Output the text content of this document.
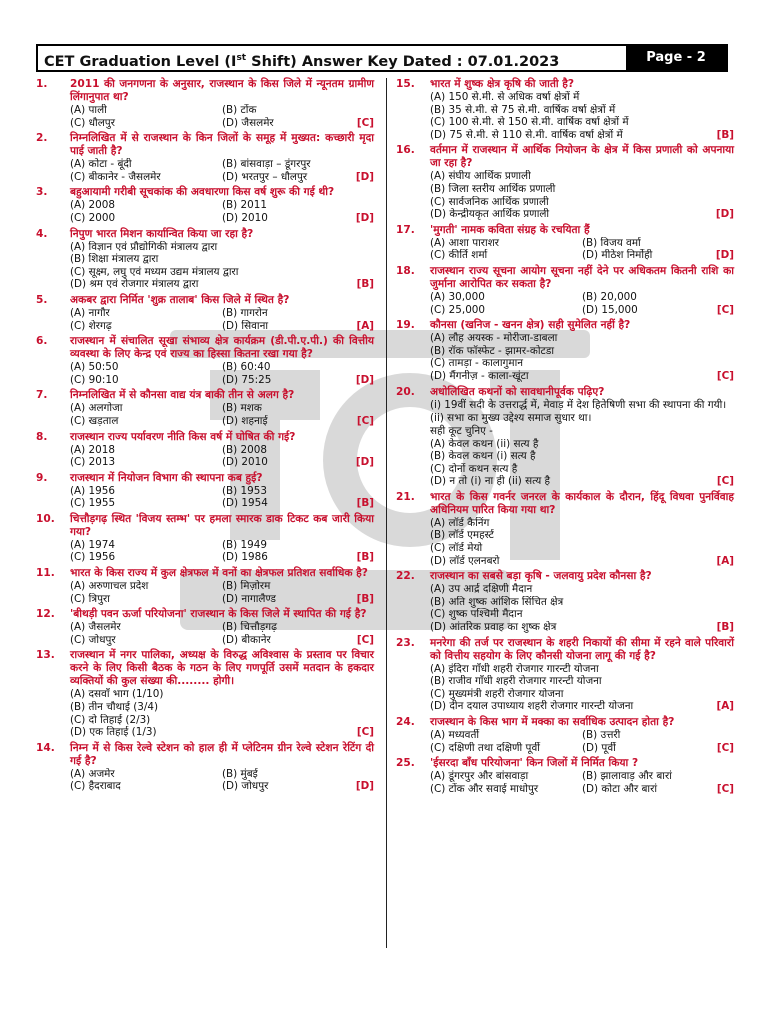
CET Graduation Level (Ist Shift) Answer Key Dated : 07.01.2023	Page - 2
1. 2011 की जनगणना के अनुसार, राजस्थान के किस जिले में न्यूनतम ग्रामीण लिंगानुपात था?
(A) पाली	(B) टोंक
(C) धौलपुर	(D) जैसलमेर	[C]
2. निम्नलिखित में से राजस्थान के किन जिलों के समूह में मुख्यत: कच्छारी मृदा पाई जाती है?
(A) कोटा - बूंदी	(B) बांसवाड़ा – डूंगरपुर
(C) बीकानेर - जैसलमेर	(D) भरतपुर – धौलपुर	[D]
3. बहुआयामी गरीबी सूचकांक की अवधारणा किस वर्ष शुरू की गई थी?
(A) 2008	(B) 2011
(C) 2000	(D) 2010	[D]
4. निपुण भारत मिशन कार्यान्वित किया जा रहा है?
(A) विज्ञान एवं प्रौद्योगिकी मंत्रालय द्वारा
(B) शिक्षा मंत्रालय द्वारा
(C) सूक्ष्म, लघु एवं मध्यम उद्यम मंत्रालय द्वारा
(D) श्रम एवं रोजगार मंत्रालय द्वारा	[B]
5. अकबर द्वारा निर्मित 'शुक्र तालाब' किस जिले में स्थित है?
(A) नागौर	(B) गागरोन
(C) शेरगढ़	(D) सिवाना	[A]
6. राजस्थान में संचालित सूखा संभाव्य क्षेत्र कार्यक्रम (डी.पी.ए.पी.) की वित्तीय व्यवस्था के लिए केन्द्र एवं राज्य का हिस्सा कितना रखा गया है?
(A) 50:50	(B) 60:40
(C) 90:10	(D) 75:25	[D]
7. निम्नलिखित में से कौनसा वाद्य यंत्र बाकी तीन से अलग है?
(A) अलगोजा	(B) मशक
(C) खड़ताल	(D) शहनाई	[C]
8. राजस्थान राज्य पर्यावरण नीति किस वर्ष में घोषित की गई?
(A) 2018	(B) 2008
(C) 2013	(D) 2010	[D]
9. राजस्थान में नियोजन विभाग की स्थापना कब हुई?
(A) 1956	(B) 1953
(C) 1955	(D) 1954	[B]
10. चित्तौड़गढ़ स्थित 'विजय स्तम्भ' पर हमला स्मारक डाक टिकट कब जारी किया गया?
(A) 1974	(B) 1949
(C) 1956	(D) 1986	[B]
11. भारत के किस राज्य में कुल क्षेत्रफल में वनों का क्षेत्रफल प्रतिशत सर्वाधिक है?
(A) अरुणाचल प्रदेश	(B) मिज़ोरम
(C) त्रिपुरा	(D) नागालैण्ड	[B]
12. 'बीथड़ी पवन ऊर्जा परियोजना' राजस्थान के किस जिले में स्थापित की गई है?
(A) जैसलमेर	(B) चित्तौड़गढ़
(C) जोधपुर	(D) बीकानेर	[C]
13. राजस्थान में नगर पालिका, अध्यक्ष के विरुद्ध अविश्वास के प्रस्ताव पर विचार करने के लिए किसी बैठक के गठन के लिए गणपूर्ति उसमें मतदान के हकदार व्यक्तियों की कुल संख्या की........ होगी।
(A) दसवाँ भाग (1/10)
(B) तीन चौथाई (3/4)
(C) दो तिहाई (2/3)
(D) एक तिहाई (1/3)	[C]
14. निम्न में से किस रेल्वे स्टेशन को हाल ही में प्लेटिनम ग्रीन रेल्वे स्टेशन रेटिंग दी गई है?
(A) अजमेर	(B) मुंबई
(C) हैदराबाद	(D) जोधपुर	[D]
15. भारत में शुष्क क्षेत्र कृषि की जाती है?
(A) 150 से.मी. से अधिक वर्षा क्षेत्रों में
(B) 35 से.मी. से 75 से.मी. वार्षिक वर्षा क्षेत्रों में
(C) 100 से.मी. से 150 से.मी. वार्षिक वर्षा क्षेत्रों में
(D) 75 से.मी. से 110 से.मी. वार्षिक वर्षा क्षेत्रों में	[B]
16. वर्तमान में राजस्थान में आर्थिक नियोजन के क्षेत्र में किस प्रणाली को अपनाया जा रहा है?
(A) संघीय आर्थिक प्रणाली
(B) जिला स्तरीय आर्थिक प्रणाली
(C) सार्वजनिक आर्थिक प्रणाली
(D) केन्द्रीयकृत आर्थिक प्रणाली	[D]
17. 'मुगती' नामक कविता संग्रह के रचयिता हैं
(A) आशा पाराशर	(B) विजय वर्मा
(C) कीर्ति शर्मा	(D) मीठेश निर्मोही	[D]
18. राजस्थान राज्य सूचना आयोग सूचना नहीं देने पर अधिकतम कितनी राशि का जुर्माना आरोपित कर सकता है?
(A) 30,000	(B) 20,000
(C) 25,000	(D) 15,000	[C]
19. कौनसा (खनिज - खनन क्षेत्र) सही सुमेलित नहीं है?
(A) लौह अयस्क - मोरीजा-डाबला
(B) रॉक फॉस्फेट - झामर-कोटडा
(C) तामड़ा - कालागुमान
(D) मैंगनीज़ - काला-खूंटा	[C]
20. अधोलिखित कथनों को सावधानीपूर्वक पढ़िए?
(i) 19वीं सदी के उत्तरार्द्ध में, मेवाड़ में देश हितेषिणी सभा की स्थापना की गयी।
(ii) सभा का मुख्य उद्देश्य समाज सुधार था।
सही कूट चुनिए -
(A) केवल कथन (ii) सत्य है
(B) केवल कथन (i) सत्य है
(C) दोनों कथन सत्य है
(D) न तो (i) ना ही (ii) सत्य है	[C]
21. भारत के किस गवर्नर जनरल के कार्यकाल के दौरान, हिंदू विधवा पुनर्विवाह अधिनियम पारित किया गया था?
(A) लॉर्ड कैनिंग
(B) लॉर्ड एमहर्स्ट
(C) लॉर्ड मेयो
(D) लॉर्ड एलनबरो	[A]
22. राजस्थान का सबसे बड़ा कृषि - जलवायु प्रदेश कौनसा है?
(A) उप आर्द्र दक्षिणी मैदान
(B) अति शुष्क आंशिक सिंचित क्षेत्र
(C) शुष्क पश्चिमी मैदान
(D) आंतरिक प्रवाह का शुष्क क्षेत्र	[B]
23. मनरेगा की तर्ज पर राजस्थान के शहरी निकायों की सीमा में रहने वाले परिवारों को वित्तीय सहयोग के लिए कौनसी योजना लागू की गई है?
(A) इंदिरा गाँधी शहरी रोजगार गारन्टी योजना
(B) राजीव गाँधी शहरी रोजगार गारन्टी योजना
(C) मुख्यमंत्री शहरी रोजगार योजना
(D) दीन दयाल उपाध्याय शहरी रोजगार गारन्टी योजना	[A]
24. राजस्थान के किस भाग में मक्का का सर्वाधिक उत्पादन होता है?
(A) मध्यवर्ती	(B) उत्तरी
(C) दक्षिणी तथा दक्षिणी पूर्वी	(D) पूर्वी	[C]
25. 'ईसरदा बाँध परियोजना' किन जिलों में निर्मित किया ?
(A) डूंगरपुर और बांसवाड़ा	(B) झालावाड़ और बारां
(C) टोंक और सवाई माधोपुर	(D) कोटा और बारां	[C]
